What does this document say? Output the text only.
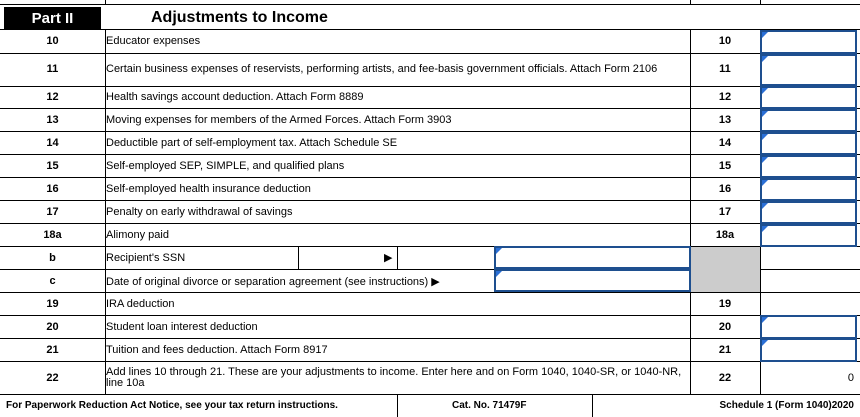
Part II	Adjustments to Income
10	Educator expenses	10
11	Certain business expenses of reservists, performing artists, and fee-basis government officials. Attach Form 2106	11
12	Health savings account deduction. Attach Form 8889	12
13	Moving expenses for members of the Armed Forces. Attach Form 3903	13
14	Deductible part of self-employment tax. Attach Schedule SE	14
15	Self-employed SEP, SIMPLE, and qualified plans	15
16	Self-employed health insurance deduction	16
17	Penalty on early withdrawal of savings	17
18a	Alimony paid	18a
b	Recipient's SSN	▶
c	Date of original divorce or separation agreement (see instructions) ▶
19	IRA deduction	19
20	Student loan interest deduction	20
21	Tuition and fees deduction. Attach Form 8917	21
22	Add lines 10 through 21. These are your adjustments to income. Enter here and on Form 1040, 1040-SR, or 1040-NR,
line 10a	22	0
For Paperwork Reduction Act Notice, see your tax return instructions.	Cat. No. 71479F	Schedule 1 (Form 1040)2020
